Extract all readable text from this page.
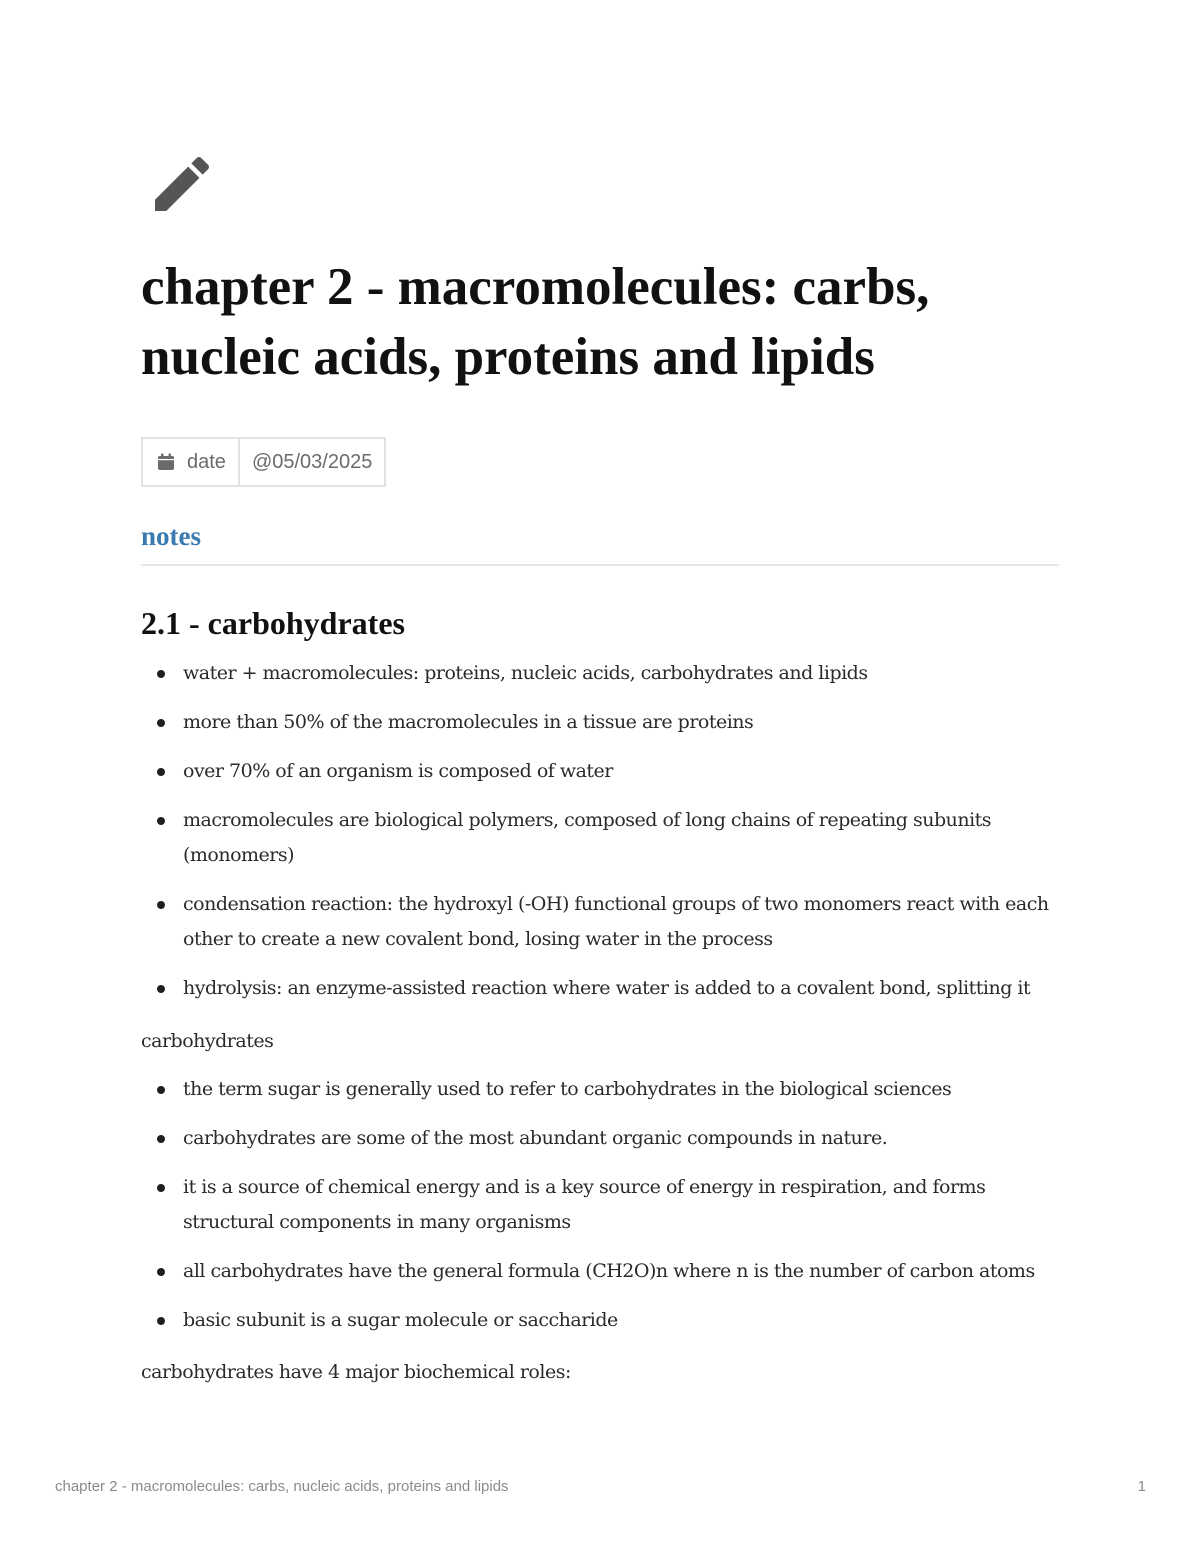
chapter 2 - macromolecules: carbs, nucleic acids, proteins and lipids
date	@05/03/2025
notes
2.1 - carbohydrates
water + macromolecules: proteins, nucleic acids, carbohydrates and lipids
more than 50% of the macromolecules in a tissue are proteins
over 70% of an organism is composed of water
macromolecules are biological polymers, composed of long chains of repeating subunits (monomers)
condensation reaction: the hydroxyl (-OH) functional groups of two monomers react with each other to create a new covalent bond, losing water in the process
hydrolysis: an enzyme-assisted reaction where water is added to a covalent bond, splitting it

carbohydrates

the term sugar is generally used to refer to carbohydrates in the biological sciences
carbohydrates are some of the most abundant organic compounds in nature.
it is a source of chemical energy and is a key source of energy in respiration, and forms structural components in many organisms
all carbohydrates have the general formula (CH2O)n where n is the number of carbon atoms
basic subunit is a sugar molecule or saccharide

carbohydrates have 4 major biochemical roles:

chapter 2 - macromolecules: carbs, nucleic acids, proteins and lipids	1
